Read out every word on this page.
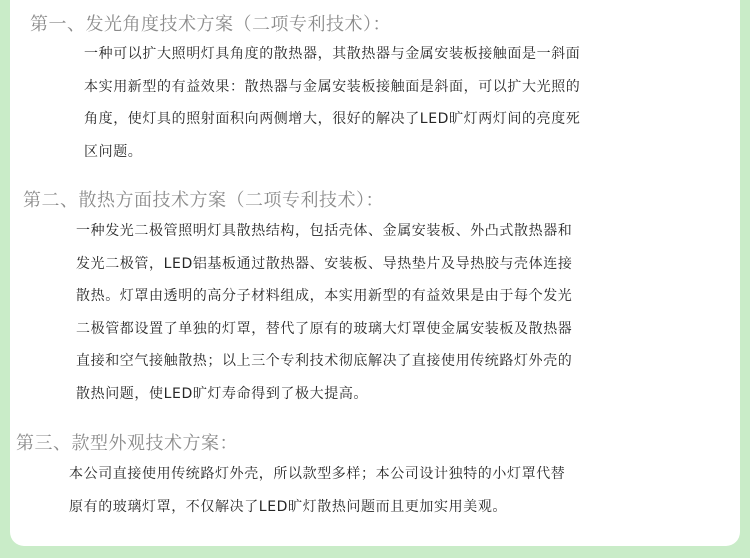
第一、发光角度技术方案（二项专利技术）：
一种可以扩大照明灯具角度的散热器，其散热器与金属安装板接触面是一斜面
本实用新型的有益效果：散热器与金属安装板接触面是斜面，可以扩大光照的
角度，使灯具的照射面积向两侧增大，很好的解决了LED旷灯两灯间的亮度死
区问题。
第二、散热方面技术方案（二项专利技术）：
一种发光二极管照明灯具散热结构，包括壳体、金属安装板、外凸式散热器和
发光二极管，LED铝基板通过散热器、安装板、导热垫片及导热胶与壳体连接
散热。灯罩由透明的高分子材料组成，本实用新型的有益效果是由于每个发光
二极管都设置了单独的灯罩，替代了原有的玻璃大灯罩使金属安装板及散热器
直接和空气接触散热；以上三个专利技术彻底解决了直接使用传统路灯外壳的
散热问题，使LED旷灯寿命得到了极大提高。
第三、款型外观技术方案：
本公司直接使用传统路灯外壳，所以款型多样；本公司设计独特的小灯罩代替
原有的玻璃灯罩，不仅解决了LED旷灯散热问题而且更加实用美观。
